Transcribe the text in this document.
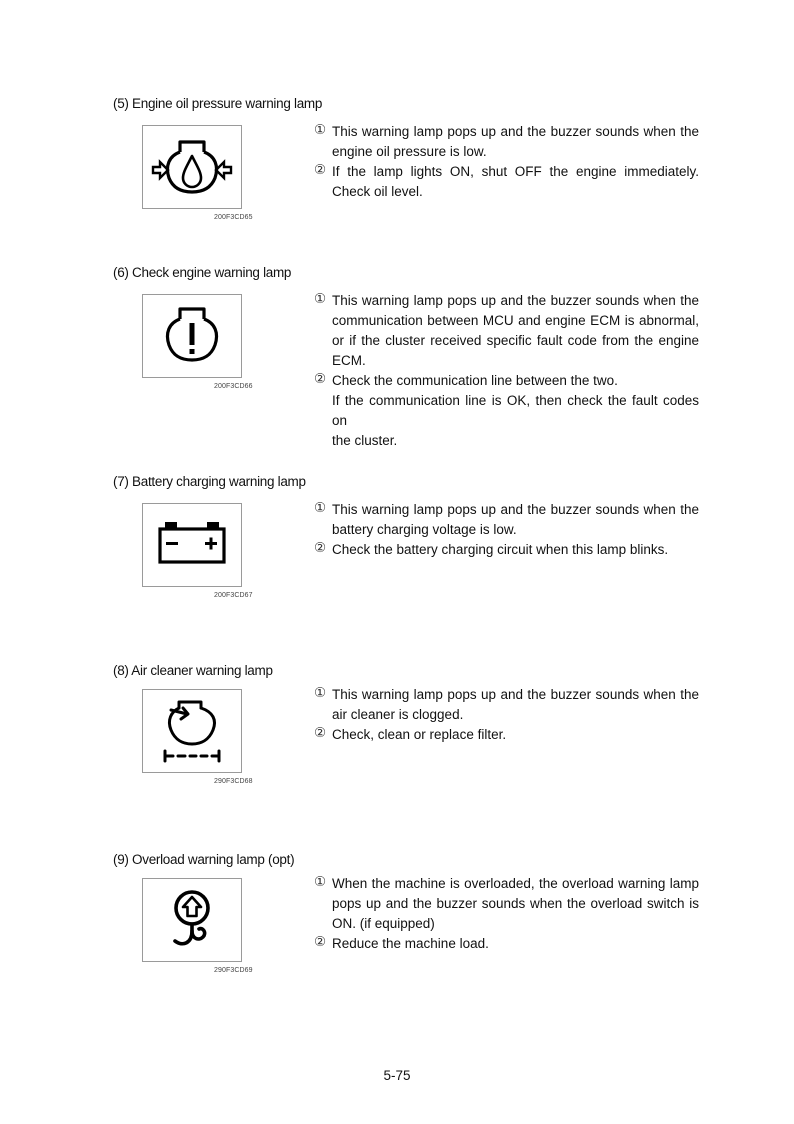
(5) Engine oil pressure warning lamp
200F3CD65
① This warning lamp pops up and the buzzer sounds when the
engine oil pressure is low.
② If the lamp lights ON, shut OFF the engine immediately.
Check oil level.
(6) Check engine warning lamp
200F3CD66
① This warning lamp pops up and the buzzer sounds when the
communication between MCU and engine ECM is abnormal,
or if the cluster received specific fault code from the engine
ECM.
② Check the communication line between the two.
If the communication line is OK, then check the fault codes on
the cluster.
(7) Battery charging warning lamp
200F3CD67
① This warning lamp pops up and the buzzer sounds when the
battery charging voltage is low.
② Check the battery charging circuit when this lamp blinks.
(8) Air cleaner warning lamp
290F3CD68
① This warning lamp pops up and the buzzer sounds when the
air cleaner is clogged.
② Check, clean or replace filter.
(9) Overload warning lamp (opt)
290F3CD69
① When the machine is overloaded, the overload warning lamp
pops up and the buzzer sounds when the overload switch is
ON. (if equipped)
② Reduce the machine load.
5-75
